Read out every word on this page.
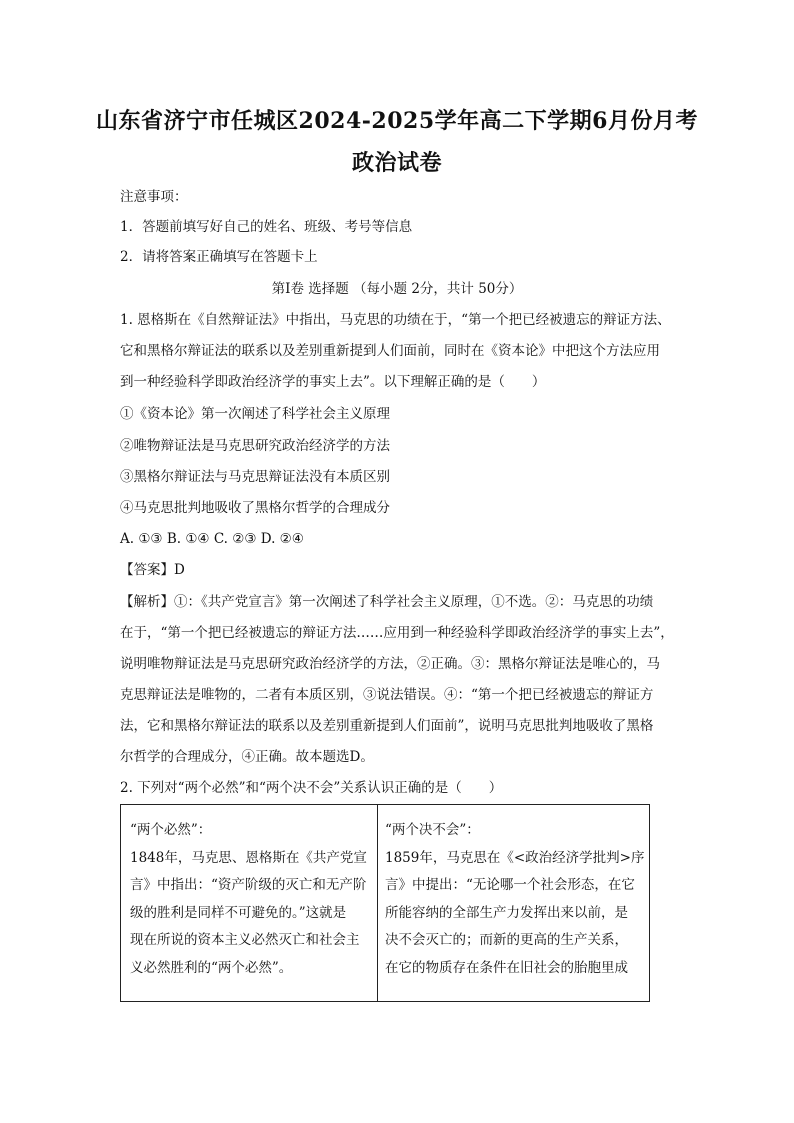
山东省济宁市任城区2024-2025学年高二下学期6月份月考
政治试卷
注意事项：
1．答题前填写好自己的姓名、班级、考号等信息
2．请将答案正确填写在答题卡上
第I卷 选择题 （每小题 2分，共计 50分）
1. 恩格斯在《自然辩证法》中指出，马克思的功绩在于，“第一个把已经被遗忘的辩证方法、
它和黑格尔辩证法的联系以及差别重新提到人们面前，同时在《资本论》中把这个方法应用
到一种经验科学即政治经济学的事实上去”。以下理解正确的是（　　）
①《资本论》第一次阐述了科学社会主义原理
②唯物辩证法是马克思研究政治经济学的方法
③黑格尔辩证法与马克思辩证法没有本质区别
④马克思批判地吸收了黑格尔哲学的合理成分
A. ①③ B. ①④ C. ②③ D. ②④
【答案】D
【解析】①：《共产党宣言》第一次阐述了科学社会主义原理，①不选。②：马克思的功绩
在于，“第一个把已经被遗忘的辩证方法……应用到一种经验科学即政治经济学的事实上去”，
说明唯物辩证法是马克思研究政治经济学的方法，②正确。③：黑格尔辩证法是唯心的，马
克思辩证法是唯物的，二者有本质区别，③说法错误。④：“第一个把已经被遗忘的辩证方
法，它和黑格尔辩证法的联系以及差别重新提到人们面前”，说明马克思批判地吸收了黑格
尔哲学的合理成分，④正确。故本题选D。
2. 下列对“两个必然”和“两个决不会”关系认识正确的是（　　）
“两个必然”：
1848年，马克思、恩格斯在《共产党宣
言》中指出：“资产阶级的灭亡和无产阶
级的胜利是同样不可避免的。”这就是
现在所说的资本主义必然灭亡和社会主
义必然胜利的“两个必然”。
“两个决不会”：
1859年，马克思在《<政治经济学批判>序
言》中提出：“无论哪一个社会形态，在它
所能容纳的全部生产力发挥出来以前，是
决不会灭亡的；而新的更高的生产关系，
在它的物质存在条件在旧社会的胎胞里成
